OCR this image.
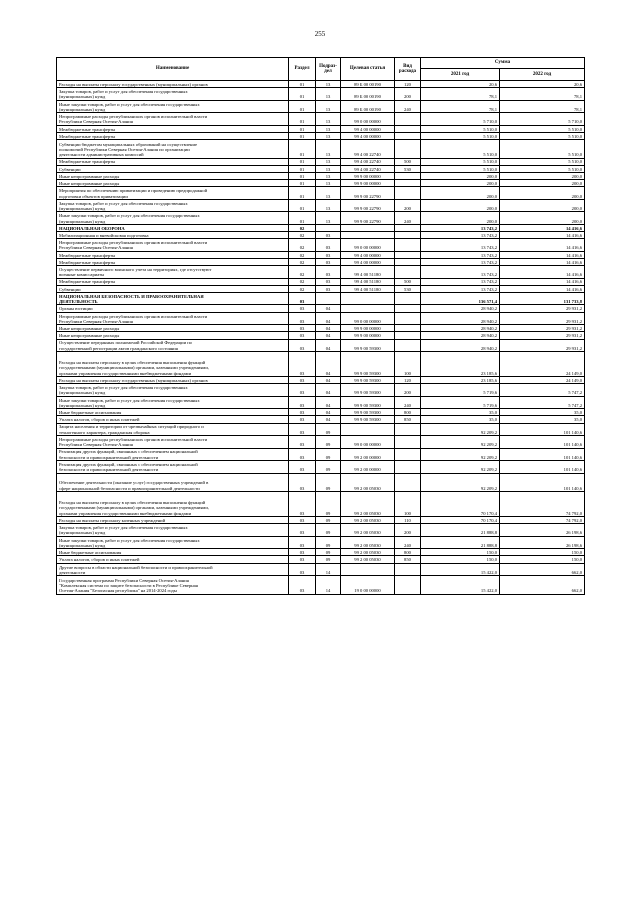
255
Наименование	Раздел	Подраз-дел	Целевая статья	Вид расхода	Сумма	
					2021 год	2022 год
Расходы на выплаты персоналу государственных (муниципальных) органов	01	13	89 Б 00 00190	120	20,6	20,6
Закупка товаров, работ и услуг для обеспечения государственных
(муниципальных) нужд	01	13	89 Б 00 00190	200	78,1	78,1
Иные закупки товаров, работ и услуг для обеспечения государственных
(муниципальных) нужд	01	13	89 Б 00 00190	240	78,1	78,1
Непрограммные расходы республиканских органов исполнительной власти
Республики Северная Осетия-Алания	01	13	99 0 00 00000		5 710,0	5 710,0
Межбюджетные трансферты	01	13	99 4 00 00000		5 510,0	5 510,0
Межбюджетные трансферты	01	13	99 4 00 00000		5 510,0	5 510,0
Субвенции бюджетам муниципальных образований на осуществление
полномочий Республики Северная Осетия-Алания по организации
деятельности административных комиссий	01	13	99 4 00 22740		5 510,0	5 510,0
Межбюджетные трансферты	01	13	99 4 00 22740	500	5 510,0	5 510,0
Субвенции	01	13	99 4 00 22740	530	5 510,0	5 510,0
Иные непрограммные расходы	01	13	99 9 00 00000		200,0	200,0
Иные непрограммные расходы	01	13	99 9 00 00000		200,0	200,0
Мероприятия по обеспечению приватизации и проведению предпродажной
подготовки объектов приватизации	01	13	99 9 00 22790		200,0	200,0
Закупка товаров, работ и услуг для обеспечения государственных
(муниципальных) нужд	01	13	99 9 00 22790	200	200,0	200,0
Иные закупки товаров, работ и услуг для обеспечения государственных
(муниципальных) нужд	01	13	99 9 00 22790	240	200,0	200,0
НАЦИОНАЛЬНАЯ ОБОРОНА	02				13 743,2	14 416,6
Мобилизационная и вневойсковая подготовка	02	03			13 743,2	14 416,6
Непрограммные расходы республиканских органов исполнительной власти
Республики Северная Осетия-Алания	02	03	99 0 00 00000		13 743,2	14 416,6
Межбюджетные трансферты	02	03	99 4 00 00000		13 743,2	14 416,6
Межбюджетные трансферты	02	03	99 4 00 00000		13 743,2	14 416,6
Осуществление первичного воинского учета на территориях, где отсутствуют
военные комиссариаты	02	03	99 4 00 51180		13 743,2	14 416,6
Межбюджетные трансферты	02	03	99 4 00 51180	500	13 743,2	14 416,6
Субвенции	02	03	99 4 00 51180	530	13 743,2	14 416,6
НАЦИОНАЛЬНАЯ БЕЗОПАСНОСТЬ И ПРАВООХРАНИТЕЛЬНАЯ
ДЕЯТЕЛЬНОСТЬ	03				136 571,4	131 733,8
Органы юстиции	03	04			28 940,2	29 931,2
Непрограммные расходы республиканских органов исполнительной власти
Республики Северная Осетия-Алания	03	04	99 0 00 00000		28 940,2	29 931,2
Иные непрограммные расходы	03	04	99 9 00 00000		28 940,2	29 931,2
Иные непрограммные расходы	03	04	99 9 00 00000		28 940,2	29 931,2
Осуществление переданных полномочий Российской Федерации по
государственной регистрации актов гражданского состояния	03	04	99 9 00 59300		28 940,2	29 931,2
Расходы на выплаты персоналу в целях обеспечения выполнения функций
государственными (муниципальными) органами, казенными учреждениями,
органами управления государственными внебюджетными фондами	03	04	99 9 00 59300	100	23 185,6	24 149,0
Расходы на выплаты персоналу государственных (муниципальных) органов	03	04	99 9 00 59300	120	23 185,6	24 149,0
Закупка товаров, работ и услуг для обеспечения государственных
(муниципальных) нужд	03	04	99 9 00 59300	200	5 719,6	5 747,2
Иные закупки товаров, работ и услуг для обеспечения государственных
(муниципальных) нужд	03	04	99 9 00 59300	240	5 719,6	5 747,2
Иные бюджетные ассигнования	03	04	99 9 00 59300	800	35,0	35,0
Уплата налогов, сборов и иных платежей	03	04	99 9 00 59300	850	35,0	35,0
Защита населения и территории от чрезвычайных ситуаций природного и
техногенного характера, гражданская оборона	03	09			92 209,2	101 140,6
Непрограммные расходы республиканских органов исполнительной власти
Республики Северная Осетия-Алания	03	09	99 0 00 00000		92 209,2	101 140,6
Реализация других функций, связанных с обеспечением национальной
безопасности и правоохранительной деятельности	03	09	99 2 00 00000		92 209,2	101 140,6
Реализация других функций, связанных с обеспечением национальной
безопасности и правоохранительной деятельности	03	09	99 2 00 00000		92 209,2	101 140,6
Обеспечение деятельности (оказание услуг) государственных учреждений в
сфере национальной безопасности и правоохранительной деятельности	03	09	99 2 00 05030		92 209,2	101 140,6
Расходы на выплаты персоналу в целях обеспечения выполнения функций
государственными (муниципальными) органами, казенными учреждениями,
органами управления государственными внебюджетными фондами	03	09	99 2 00 05030	100	70 170,4	74 792,0
Расходы на выплаты персоналу казенных учреждений	03	09	99 2 00 05030	110	70 170,4	74 792,0
Закупка товаров, работ и услуг для обеспечения государственных
(муниципальных) нужд	03	09	99 2 00 05030	200	21 888,8	26 198,6
Иные закупки товаров, работ и услуг для обеспечения государственных
(муниципальных) нужд	03	09	99 2 00 05030	240	21 888,8	26 198,6
Иные бюджетные ассигнования	03	09	99 2 00 05030	800	150,0	150,0
Уплата налогов, сборов и иных платежей	03	09	99 2 00 05030	850	150,0	150,0
Другие вопросы в области национальной безопасности и правоохранительной
деятельности	03	14			15 422,0	662,0
Государственная программа Республики Северная Осетия-Алания
"Комплексная система по защите безопасности в Республике Северная
Осетия-Алания "Безопасная республика" на 2014-2024 годы	03	14	19 0 00 00000		15 422,0	662,0
